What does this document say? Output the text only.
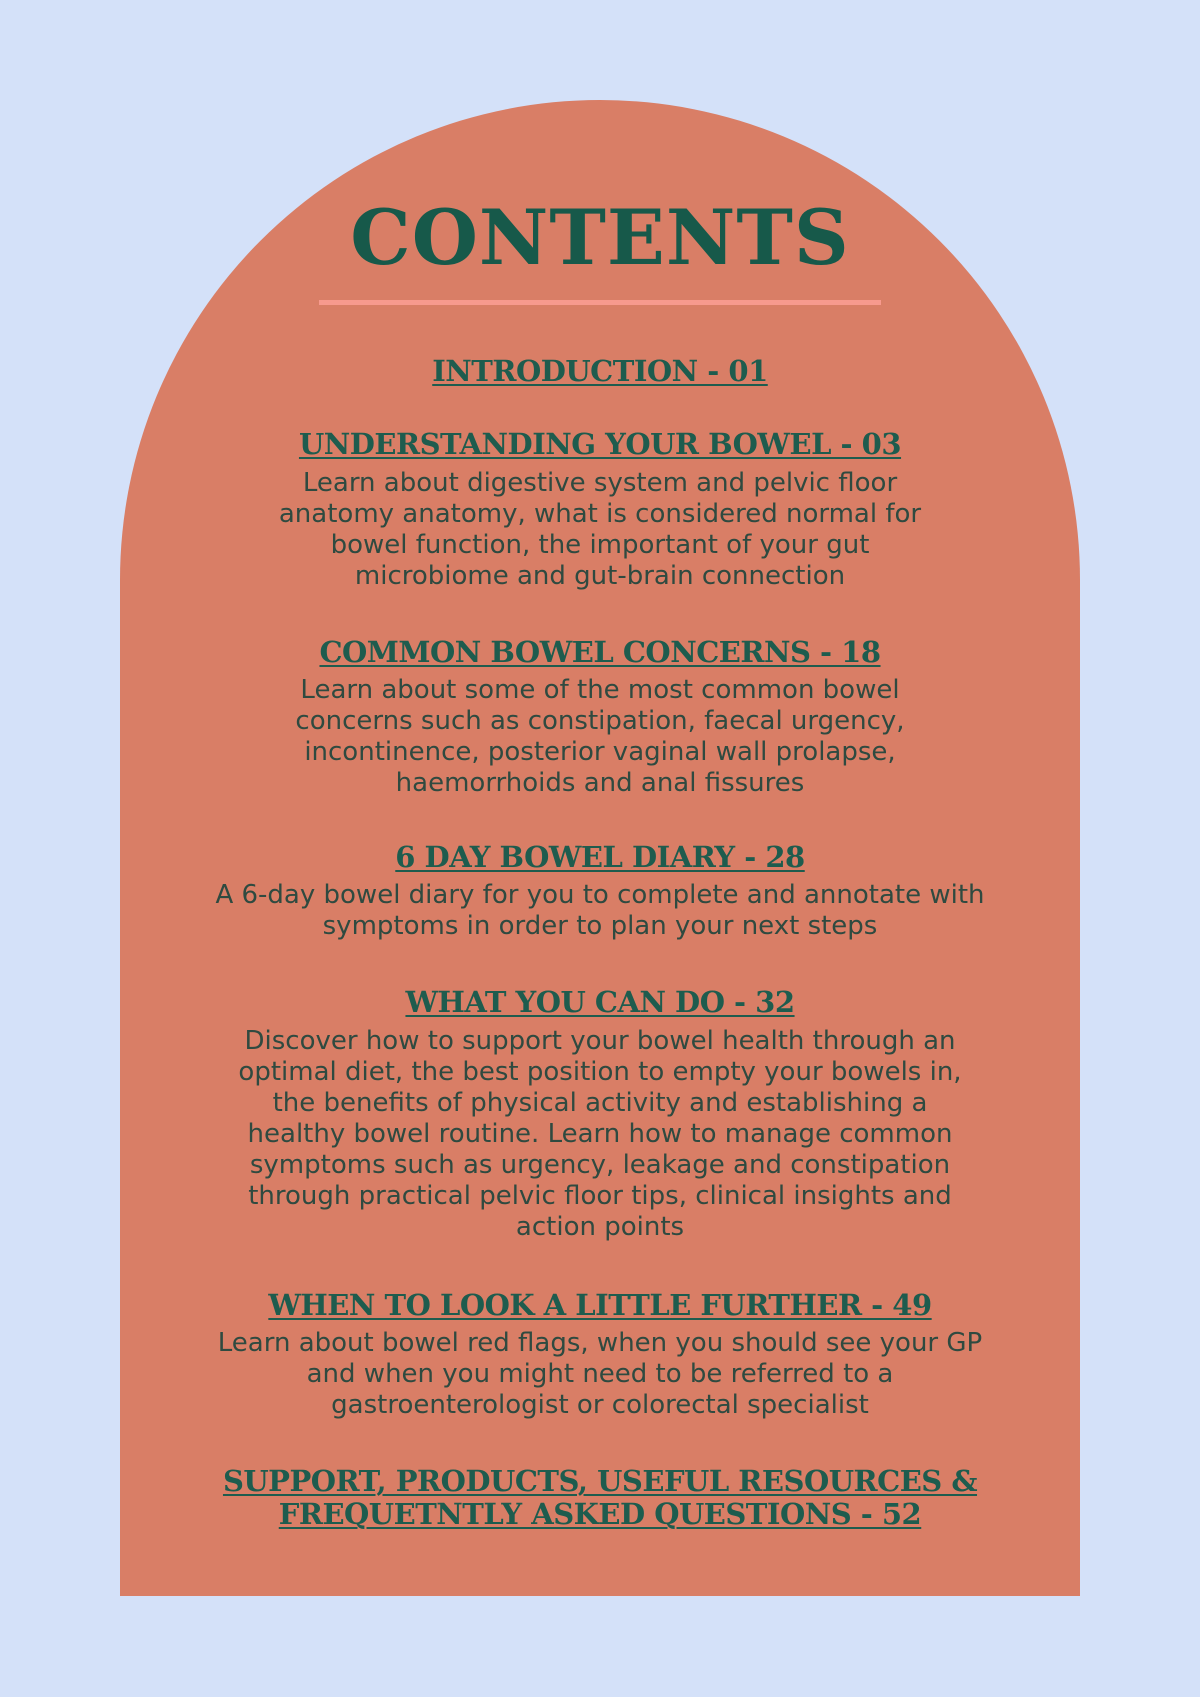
CONTENTS
INTRODUCTION - 01
UNDERSTANDING YOUR BOWEL - 03
Learn about digestive system and pelvic floor anatomy anatomy, what is considered normal for bowel function, the important of your gut microbiome and gut-brain connection
COMMON BOWEL CONCERNS - 18
Learn about some of the most common bowel concerns such as constipation, faecal urgency, incontinence, posterior vaginal wall prolapse, haemorrhoids and anal fissures
6 DAY BOWEL DIARY - 28
A 6-day bowel diary for you to complete and annotate with symptoms in order to plan your next steps
WHAT YOU CAN DO - 32
Discover how to support your bowel health through an optimal diet, the best position to empty your bowels in, the benefits of physical activity and establishing a healthy bowel routine. Learn how to manage common symptoms such as urgency, leakage and constipation through practical pelvic floor tips, clinical insights and action points
WHEN TO LOOK A LITTLE FURTHER - 49
Learn about bowel red flags, when you should see your GP and when you might need to be referred to a gastroenterologist or colorectal specialist
SUPPORT, PRODUCTS, USEFUL RESOURCES & FREQUETNTLY ASKED QUESTIONS - 52
